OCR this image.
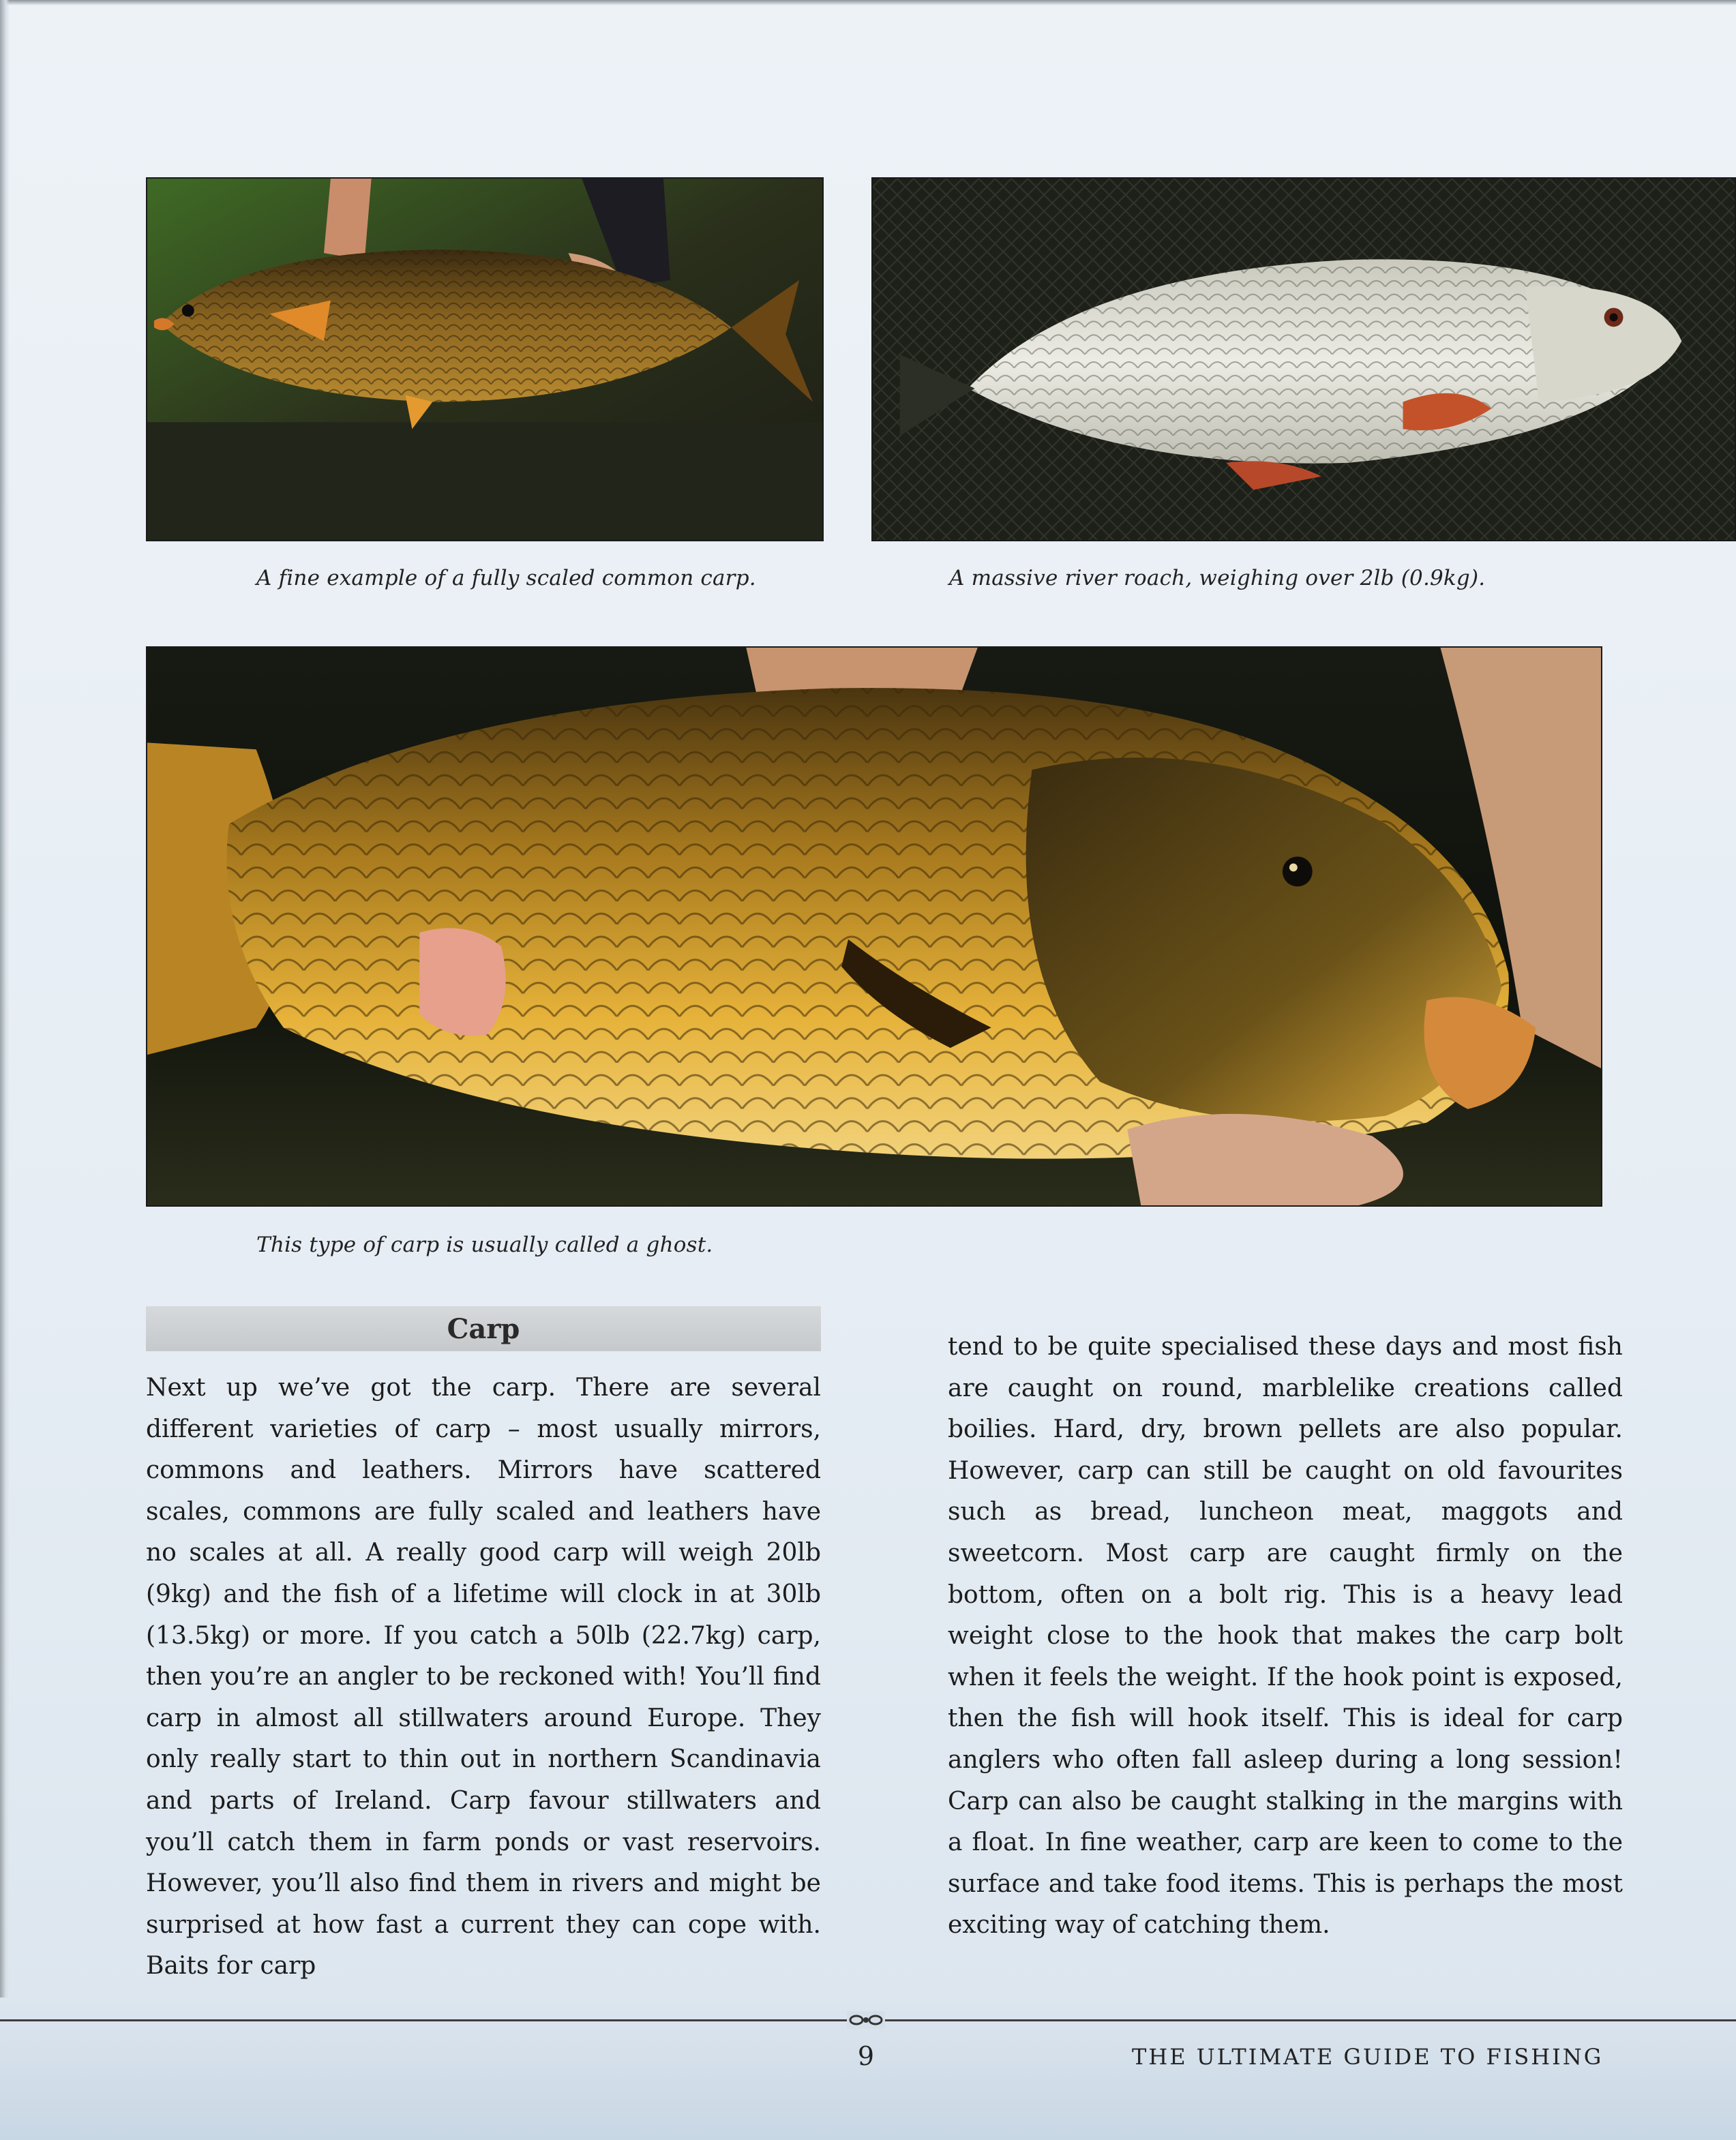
A fine example of a fully scaled common carp.	A massive river roach, weighing over 2lb (0.9kg).
This type of carp is usually called a ghost.
Carp

Next up we’ve got the carp. There are several different varieties of carp – most usually mirrors, commons and leathers. Mirrors have scattered scales, commons are fully scaled and leathers have no scales at all. A really good carp will weigh 20lb (9kg) and the fish of a lifetime will clock in at 30lb (13.5kg) or more. If you catch a 50lb (22.7kg) carp, then you’re an angler to be reckoned with! You’ll find carp in almost all stillwaters around Europe. They only really start to thin out in northern Scandinavia and parts of Ireland. Carp favour stillwaters and you’ll catch them in farm ponds or vast reservoirs. However, you’ll also find them in rivers and might be surprised at how fast a current they can cope with. Baits for carp

tend to be quite specialised these days and most fish are caught on round, marblelike creations called boilies. Hard, dry, brown pellets are also popular. However, carp can still be caught on old favourites such as bread, luncheon meat, maggots and sweetcorn. Most carp are caught firmly on the bottom, often on a bolt rig. This is a heavy lead weight close to the hook that makes the carp bolt when it feels the weight. If the hook point is exposed, then the fish will hook itself. This is ideal for carp anglers who often fall asleep during a long session! Carp can also be caught stalking in the margins with a float. In fine weather, carp are keen to come to the surface and take food items. This is perhaps the most exciting way of catching them.

9	THE ULTIMATE GUIDE TO FISHING
